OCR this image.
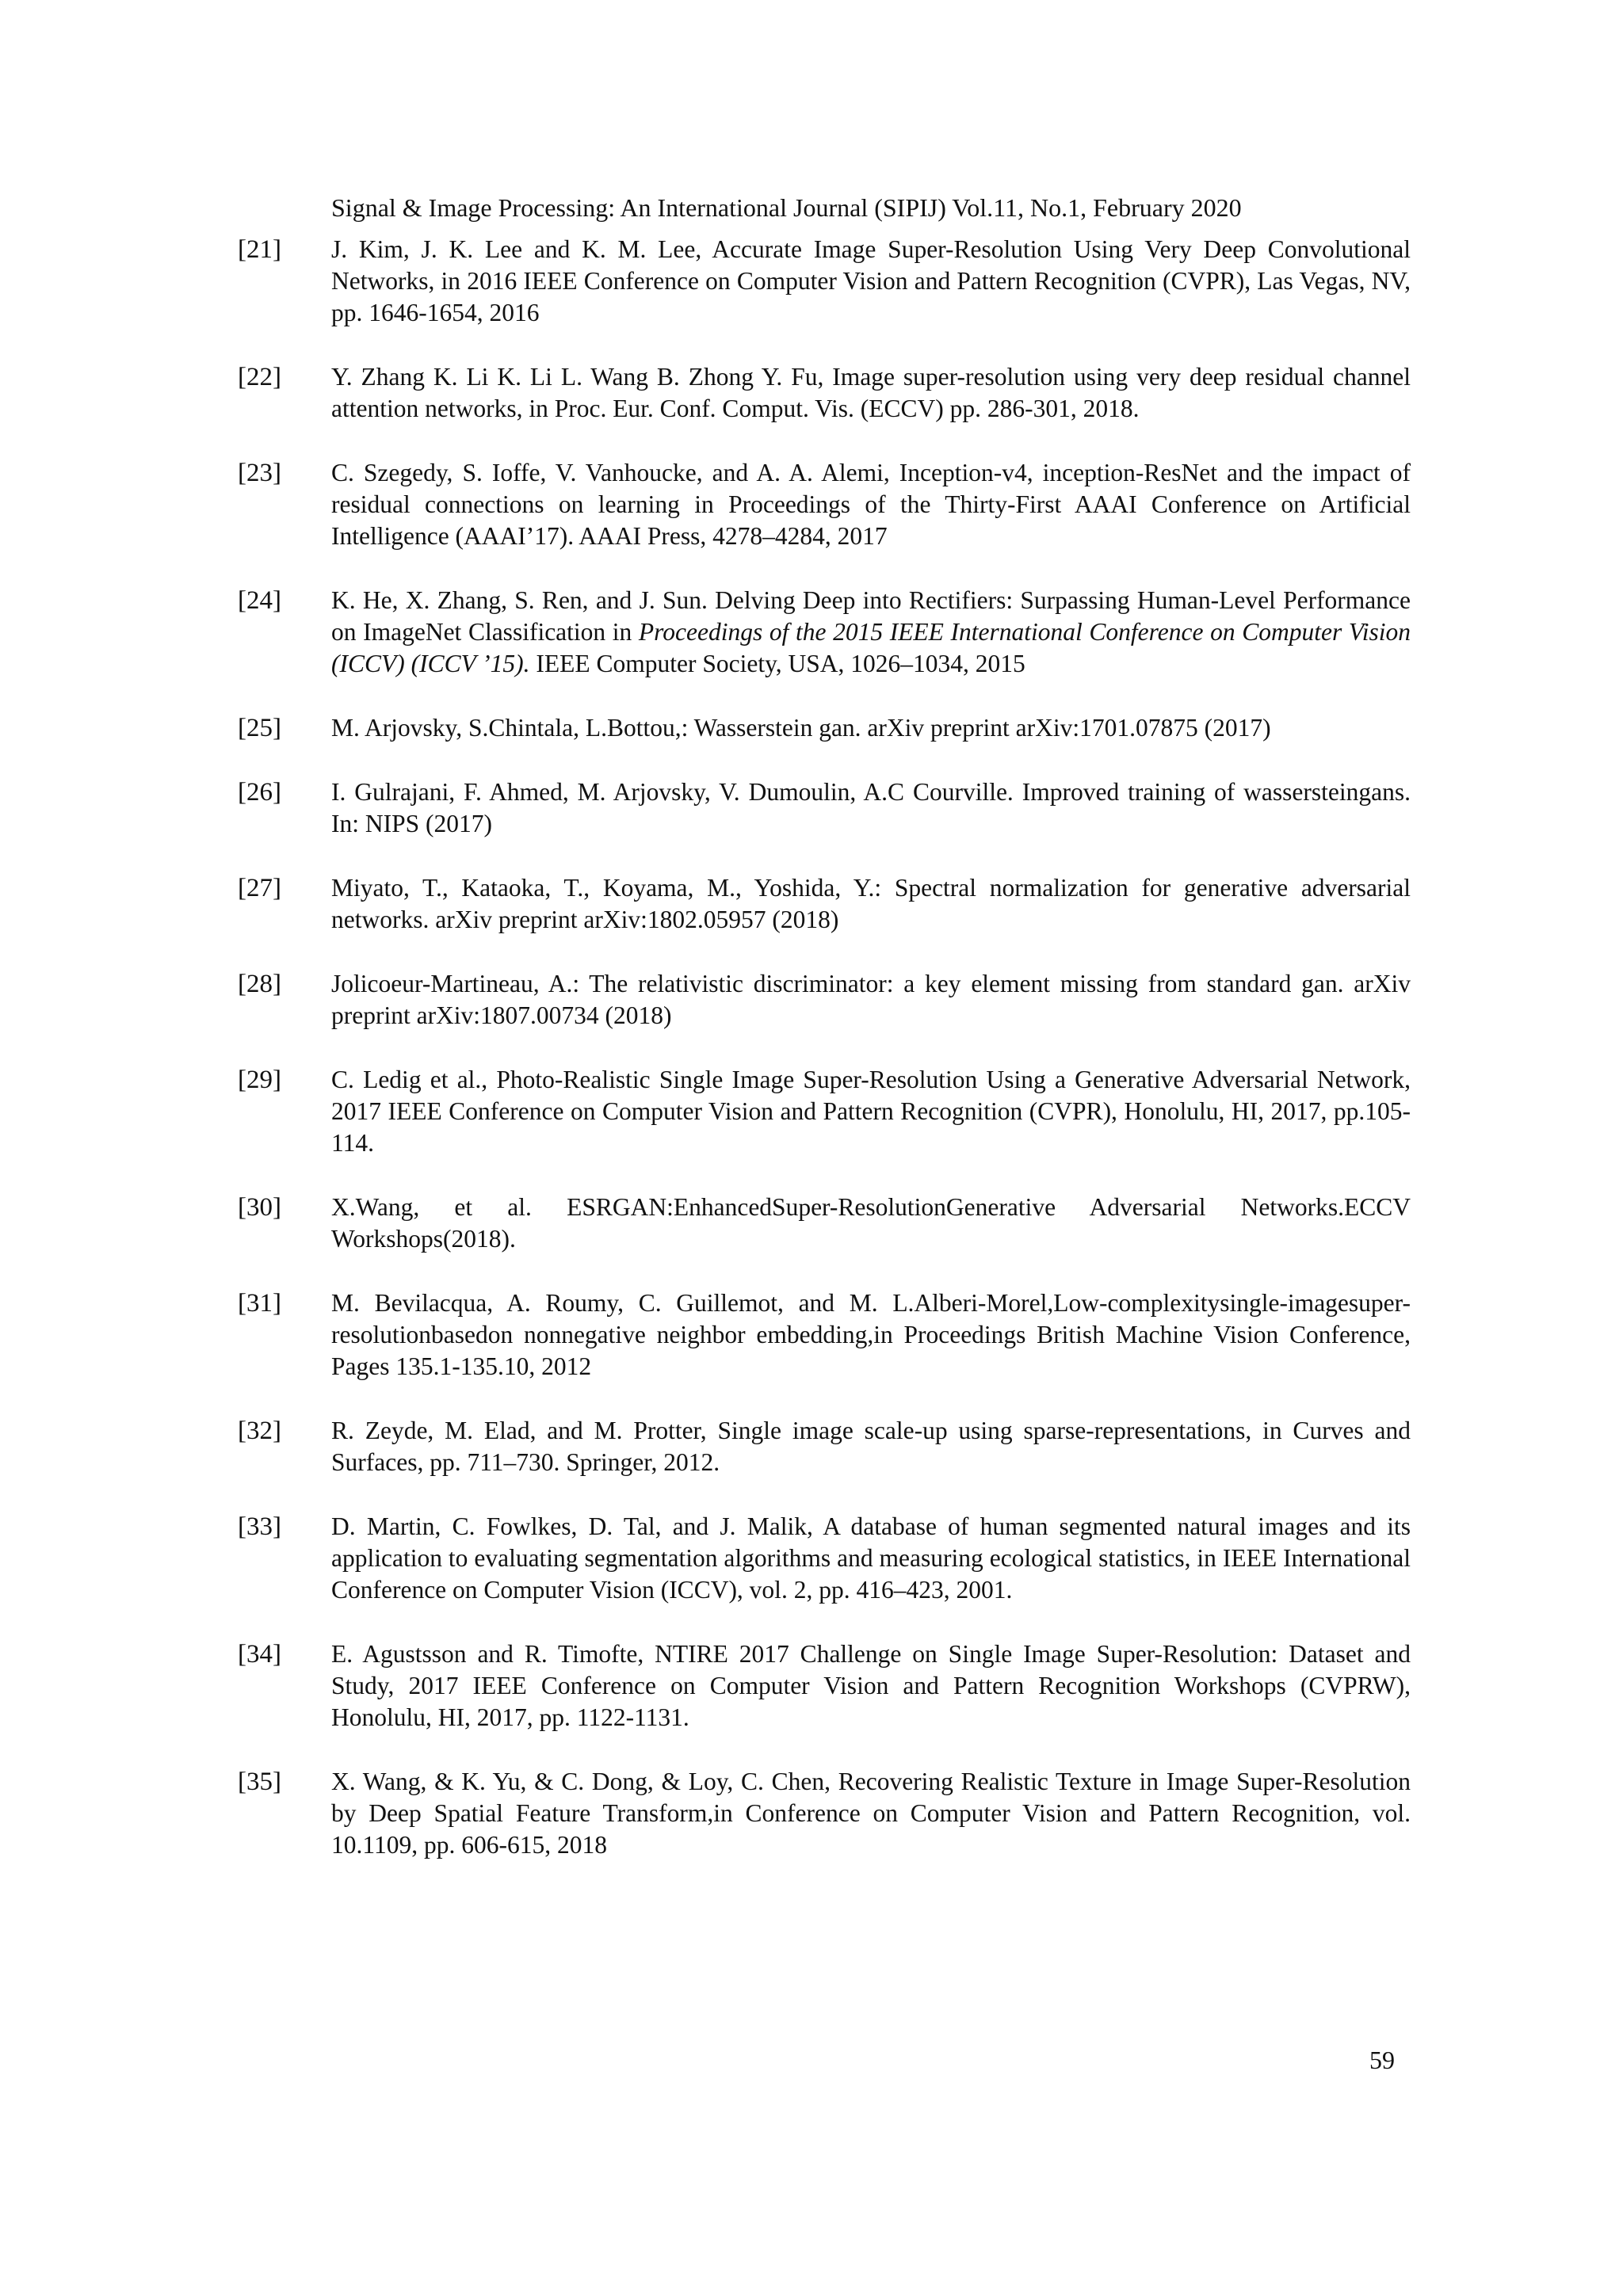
Signal & Image Processing: An International Journal (SIPIJ) Vol.11, No.1, February 2020
[21]	J. Kim, J. K. Lee and K. M. Lee, Accurate Image Super-Resolution Using Very Deep Convolutional Networks, in 2016 IEEE Conference on Computer Vision and Pattern Recognition (CVPR), Las Vegas, NV, pp. 1646-1654, 2016
[22]	Y. Zhang K. Li K. Li L. Wang B. Zhong Y. Fu, Image super-resolution using very deep residual channel attention networks, in Proc. Eur. Conf. Comput. Vis. (ECCV) pp. 286-301, 2018.
[23]	C. Szegedy, S. Ioffe, V. Vanhoucke, and A. A. Alemi, Inception-v4, inception-ResNet and the impact of residual connections on learning in Proceedings of the Thirty-First AAAI Conference on Artificial Intelligence (AAAI’17). AAAI Press, 4278–4284, 2017
[24]	K. He, X. Zhang, S. Ren, and J. Sun. Delving Deep into Rectifiers: Surpassing Human-Level Performance on ImageNet Classification in Proceedings of the 2015 IEEE International Conference on Computer Vision (ICCV) (ICCV ’15). IEEE Computer Society, USA, 1026–1034, 2015
[25]	M. Arjovsky, S.Chintala, L.Bottou,: Wasserstein gan. arXiv preprint arXiv:1701.07875 (2017)
[26]	I. Gulrajani, F. Ahmed, M. Arjovsky, V. Dumoulin, A.C Courville. Improved training of wassersteingans. In: NIPS (2017)
[27]	Miyato, T., Kataoka, T., Koyama, M., Yoshida, Y.: Spectral normalization for generative adversarial networks. arXiv preprint arXiv:1802.05957 (2018)
[28]	Jolicoeur-Martineau, A.: The relativistic discriminator: a key element missing from standard gan. arXiv preprint arXiv:1807.00734 (2018)
[29]	C. Ledig et al., Photo-Realistic Single Image Super-Resolution Using a Generative Adversarial Network, 2017 IEEE Conference on Computer Vision and Pattern Recognition (CVPR), Honolulu, HI, 2017, pp.105-114.
[30]	X.Wang, et al. ESRGAN:EnhancedSuper-ResolutionGenerative Adversarial Networks.ECCV Workshops(2018).
[31]	M. Bevilacqua, A. Roumy, C. Guillemot, and M. L.Alberi-Morel,Low-complexitysingle-imagesuper-resolutionbasedon nonnegative neighbor embedding,in Proceedings British Machine Vision Conference, Pages 135.1-135.10, 2012
[32]	R. Zeyde, M. Elad, and M. Protter, Single image scale-up using sparse-representations, in Curves and Surfaces, pp. 711–730. Springer, 2012.
[33]	D. Martin, C. Fowlkes, D. Tal, and J. Malik, A database of human segmented natural images and its application to evaluating segmentation algorithms and measuring ecological statistics, in IEEE International Conference on Computer Vision (ICCV), vol. 2, pp. 416–423, 2001.
[34]	E. Agustsson and R. Timofte, NTIRE 2017 Challenge on Single Image Super-Resolution: Dataset and Study, 2017 IEEE Conference on Computer Vision and Pattern Recognition Workshops (CVPRW), Honolulu, HI, 2017, pp. 1122-1131.
[35]	X. Wang, & K. Yu, & C. Dong, & Loy, C. Chen, Recovering Realistic Texture in Image Super-Resolution by Deep Spatial Feature Transform,in Conference on Computer Vision and Pattern Recognition, vol. 10.1109, pp. 606-615, 2018
59
